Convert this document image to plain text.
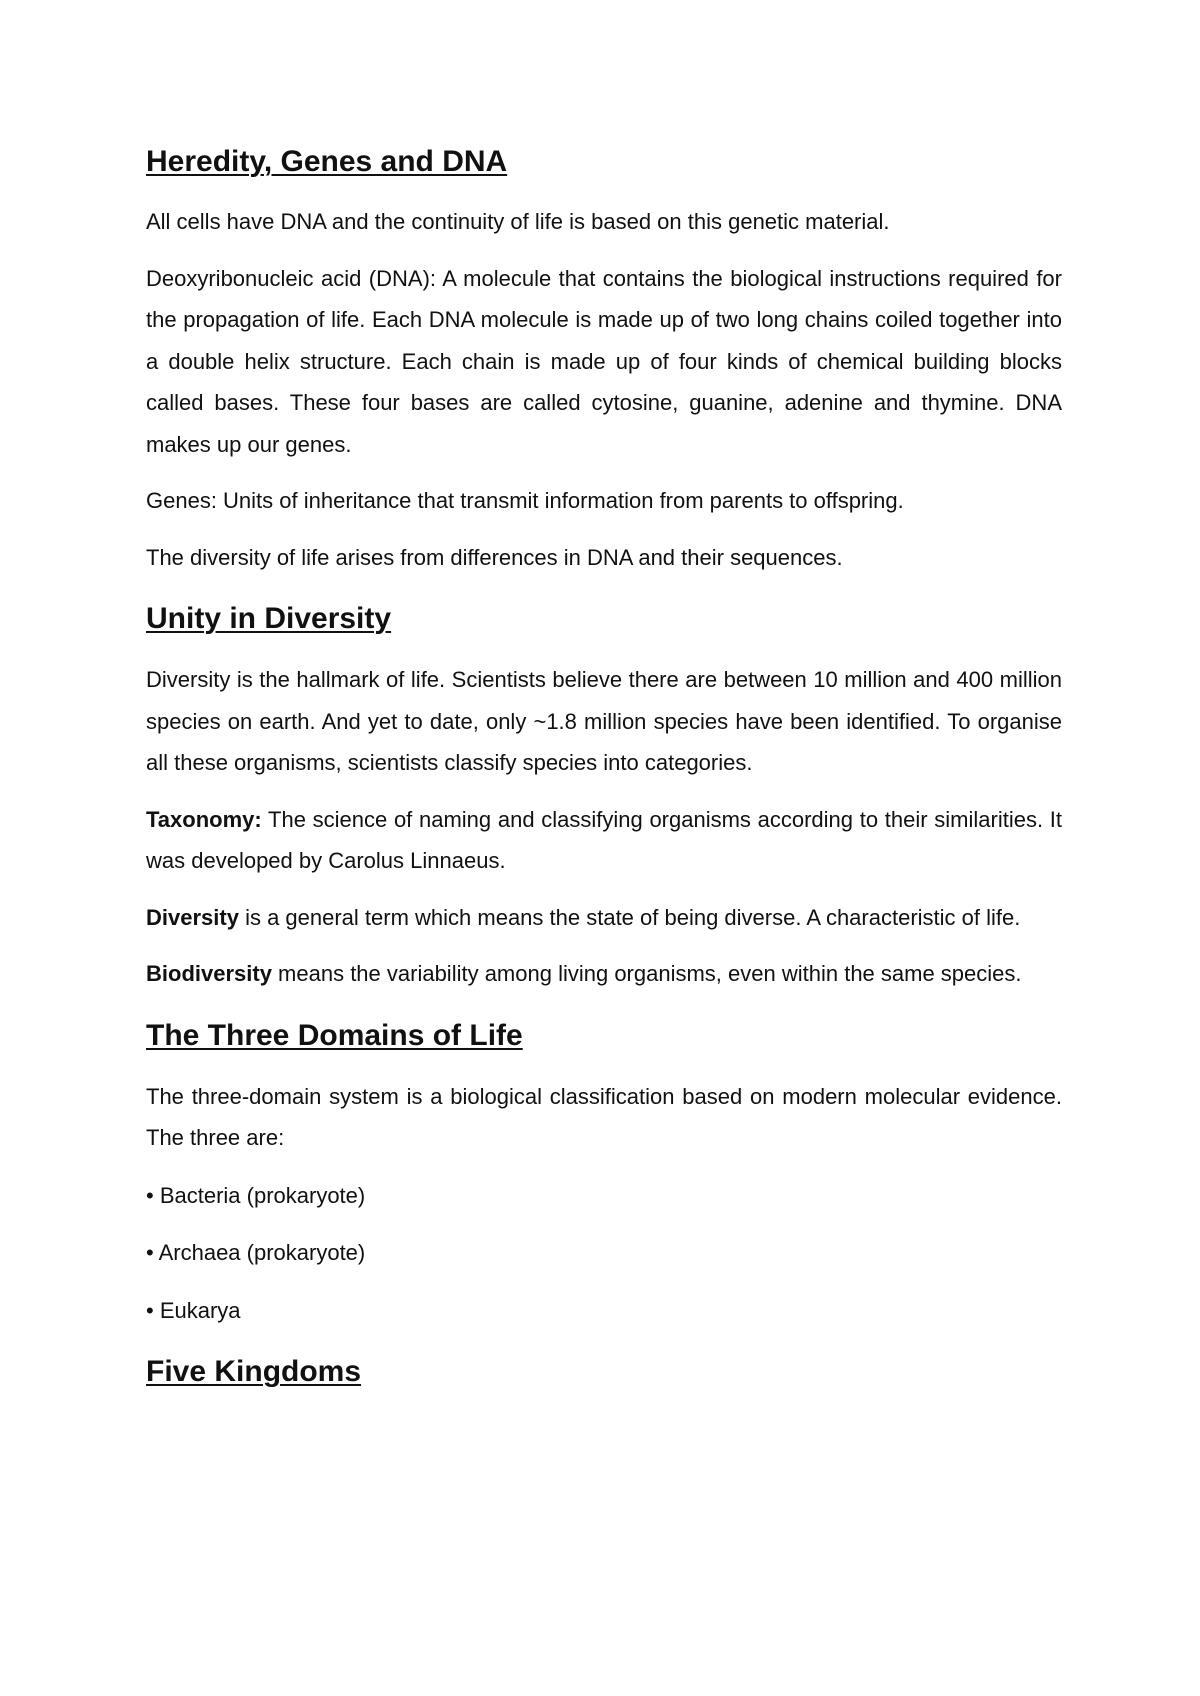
Heredity, Genes and DNA

All cells have DNA and the continuity of life is based on this genetic material.

Deoxyribonucleic acid (DNA): A molecule that contains the biological instructions required for the propagation of life. Each DNA molecule is made up of two long chains coiled together into a double helix structure. Each chain is made up of four kinds of chemical building blocks called bases. These four bases are called cytosine, guanine, adenine and thymine. DNA makes up our genes.

Genes: Units of inheritance that transmit information from parents to offspring.

The diversity of life arises from differences in DNA and their sequences.

Unity in Diversity

Diversity is the hallmark of life. Scientists believe there are between 10 million and 400 million species on earth. And yet to date, only ~1.8 million species have been identified. To organise all these organisms, scientists classify species into categories.

Taxonomy: The science of naming and classifying organisms according to their similarities. It was developed by Carolus Linnaeus.

Diversity is a general term which means the state of being diverse. A characteristic of life.

Biodiversity means the variability among living organisms, even within the same species.

The Three Domains of Life

The three-domain system is a biological classification based on modern molecular evidence. The three are:

• Bacteria (prokaryote)

• Archaea (prokaryote)

• Eukarya

Five Kingdoms
